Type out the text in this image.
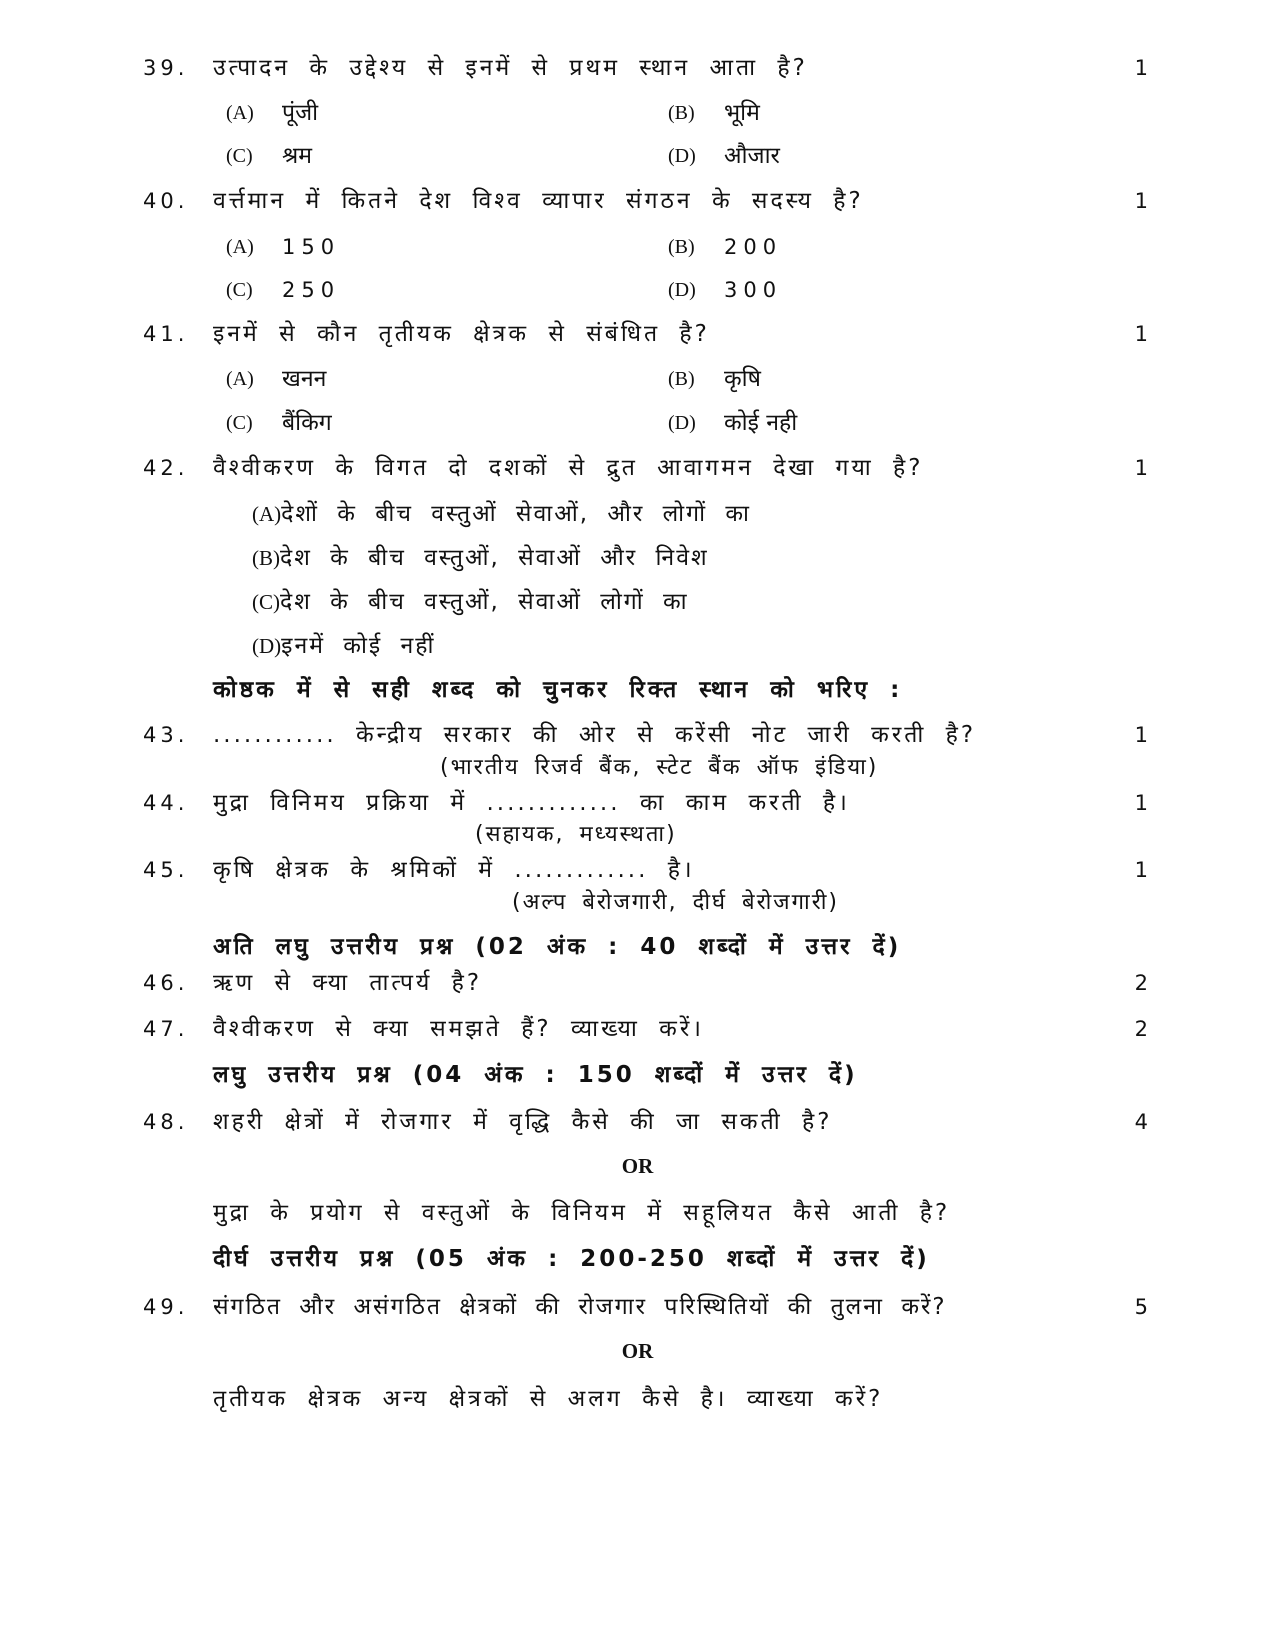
39. उत्पादन के उद्देश्य से इनमें से प्रथम स्थान आता है?	1
(A) पूंजी	(B) भूमि
(C) श्रम	(D) औजार
40. वर्त्तमान में कितने देश विश्व व्यापार संगठन के सदस्य है?	1
(A) 150	(B) 200
(C) 250	(D) 300
41. इनमें से कौन तृतीयक क्षेत्रक से संबंधित है?	1
(A) खनन	(B) कृषि
(C) बैंकिग	(D) कोई नही
42. वैश्वीकरण के विगत दो दशकों से द्रुत आवागमन देखा गया है?	1
(A)देशों के बीच वस्तुओं सेवाओं, और लोगों का
(B)देश के बीच वस्तुओं, सेवाओं और निवेश
(C)देश के बीच वस्तुओं, सेवाओं लोगों का
(D)इनमें कोई नहीं
कोष्ठक में से सही शब्द को चुनकर रिक्त स्थान को भरिए :
43. ............ केन्द्रीय सरकार की ओर से करेंसी नोट जारी करती है?	1
(भारतीय रिजर्व बैंक, स्टेट बैंक ऑफ इंडिया)
44. मुद्रा विनिमय प्रक्रिया में ............. का काम करती है।	1
(सहायक, मध्यस्थता)
45. कृषि क्षेत्रक के श्रमिकों में ............. है।	1
(अल्प बेरोजगारी, दीर्घ बेरोजगारी)
अति लघु उत्तरीय प्रश्न (02 अंक : 40 शब्दों में उत्तर दें)
46. ऋण से क्या तात्पर्य है?	2
47. वैश्वीकरण से क्या समझते हैं? व्याख्या करें।	2
लघु उत्तरीय प्रश्न (04 अंक : 150 शब्दों में उत्तर दें)
48. शहरी क्षेत्रों में रोजगार में वृद्धि कैसे की जा सकती है?	4
OR
मुद्रा के प्रयोग से वस्तुओं के विनियम में सहूलियत कैसे आती है?
दीर्घ उत्तरीय प्रश्न (05 अंक : 200-250 शब्दों में उत्तर दें)
49. संगठित और असंगठित क्षेत्रकों की रोजगार परिस्थितियों की तुलना करें?	5
OR
तृतीयक क्षेत्रक अन्य क्षेत्रकों से अलग कैसे है। व्याख्या करें?
